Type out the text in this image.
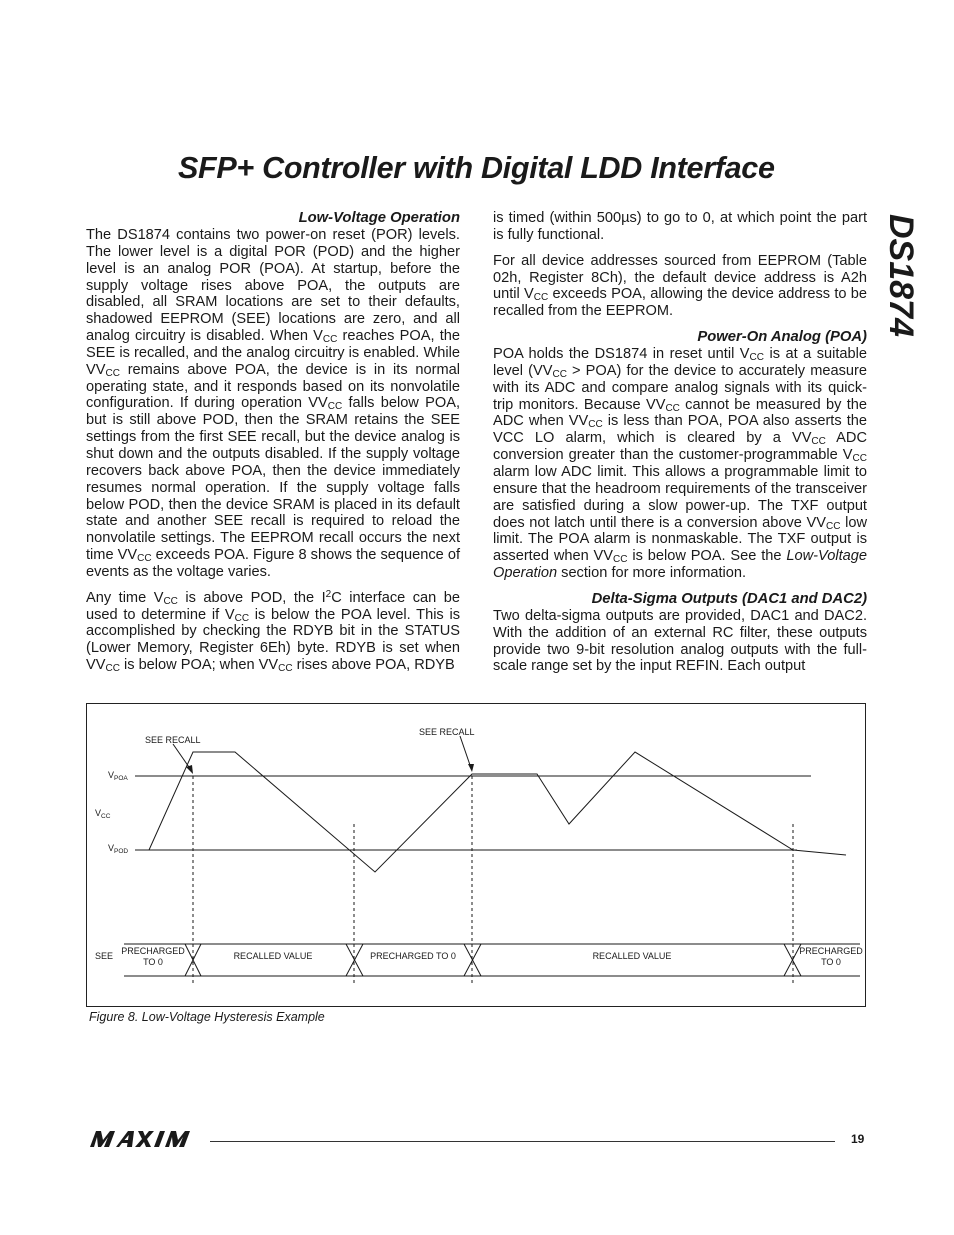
SFP+ Controller with Digital LDD Interface
DS1874
Low-Voltage Operation

The DS1874 contains two power-on reset (POR) levels. The lower level is a digital POR (POD) and the higher level is an analog POR (POA). At startup, before the supply voltage rises above POA, the outputs are disabled, all SRAM locations are set to their defaults, shadowed EEPROM (SEE) locations are zero, and all analog circuitry is disabled. When $V_{CC}$ reaches POA, the SEE is recalled, and the analog circuitry is enabled. While $VV_{CC}$ remains above POA, the device is in its normal operating state, and it responds based on its nonvolatile configuration. If during operation $VV_{CC}$ falls below POA, but is still above POD, then the SRAM retains the SEE settings from the first SEE recall, but the device analog is shut down and the outputs disabled. If the supply voltage recovers back above POA, then the device immediately resumes normal operation. If the supply voltage falls below POD, then the device SRAM is placed in its default state and another SEE recall is required to reload the nonvolatile settings. The EEPROM recall occurs the next time $VV_{CC}$ exceeds POA. Figure 8 shows the sequence of events as the voltage varies.

Any time $V_{CC}$ is above POD, the $I^2C$ interface can be used to determine if $V_{CC}$ is below the POA level. This is accomplished by checking the RDYB bit in the STATUS (Lower Memory, Register 6Eh) byte. RDYB is set when $VV_{CC}$ is below POA; when $VV_{CC}$ rises above POA, RDYB

is timed (within 500µs) to go to 0, at which point the part is fully functional.

For all device addresses sourced from EEPROM (Table 02h, Register 8Ch), the default device address is A2h until $V_{CC}$ exceeds POA, allowing the device address to be recalled from the EEPROM.

Power-On Analog (POA)

POA holds the DS1874 in reset until $V_{CC}$ is at a suitable level $(VV_{CC} > POA)$ for the device to accurately measure with its ADC and compare analog signals with its quick-trip monitors. Because $VV_{CC}$ cannot be measured by the ADC when $VV_{CC}$ is less than POA, POA also asserts the VCC LO alarm, which is cleared by a $VV_{CC}$ ADC conversion greater than the customer-programmable $V_{CC}$ alarm low ADC limit. This allows a programmable limit to ensure that the headroom requirements of the transceiver are satisfied during a slow power-up. The TXF output does not latch until there is a conversion above $VV_{CC}$ low limit. The POA alarm is nonmaskable. The TXF output is asserted when $VV_{CC}$ is below POA. See the Low-Voltage Operation section for more information.

Delta-Sigma Outputs (DAC1 and DAC2)

Two delta-sigma outputs are provided, DAC1 and DAC2. With the addition of an external RC filter, these outputs provide two 9-bit resolution analog outputs with the full-scale range set by the input REFIN. Each output

SEE RECALL
SEE RECALL
$V_{POA}$
$V_{CC}$
$V_{POD}$
SEE PRECHARGED TO 0
RECALLED VALUE	PRECHARGED TO 0	RECALLED VALUE	PRECHARGED TO 0
Figure 8. Low-Voltage Hysteresis Example
19
